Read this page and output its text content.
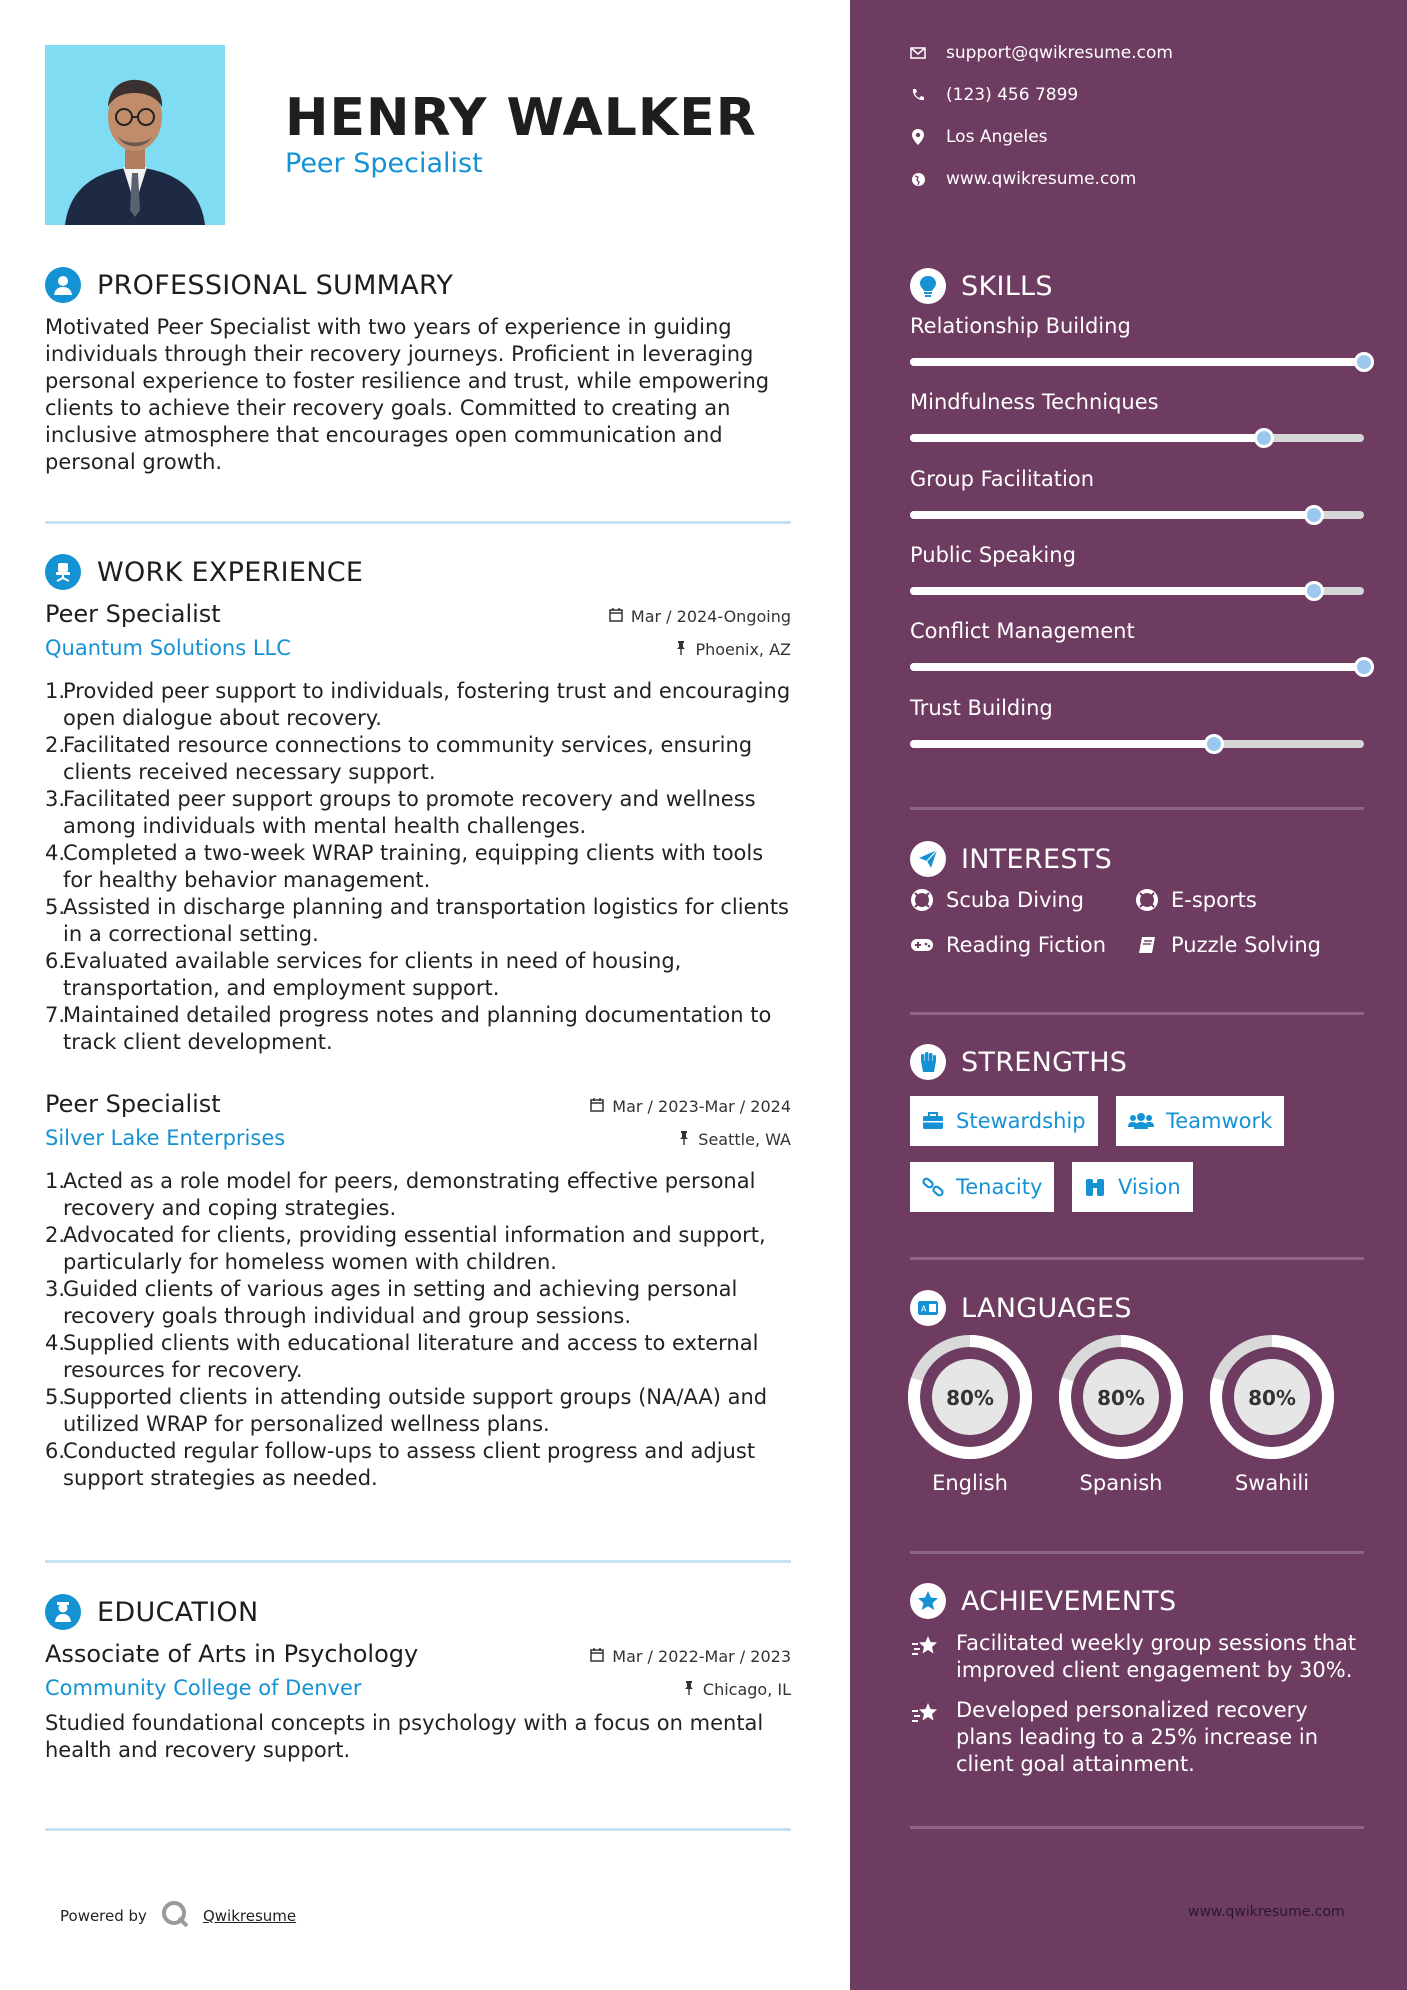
HENRY WALKER
Peer Specialist
PROFESSIONAL SUMMARY
Motivated Peer Specialist with two years of experience in guiding individuals through their recovery journeys. Proficient in leveraging personal experience to foster resilience and trust, while empowering clients to achieve their recovery goals. Committed to creating an inclusive atmosphere that encourages open communication and personal growth.
WORK EXPERIENCE
Peer Specialist	Mar / 2024-Ongoing
Quantum Solutions LLC	Phoenix, AZ
1.
Provided peer support to individuals, fostering trust and encouraging open dialogue about recovery.
2.
Facilitated resource connections to community services, ensuring clients received necessary support.
3.
Facilitated peer support groups to promote recovery and wellness among individuals with mental health challenges.
4.
Completed a two-week WRAP training, equipping clients with tools for healthy behavior management.
5.
Assisted in discharge planning and transportation logistics for clients in a correctional setting.
6.
Evaluated available services for clients in need of housing, transportation, and employment support.
7.
Maintained detailed progress notes and planning documentation to track client development.
Peer Specialist	Mar / 2023-Mar / 2024
Silver Lake Enterprises	Seattle, WA
1.
Acted as a role model for peers, demonstrating effective personal recovery and coping strategies.
2.
Advocated for clients, providing essential information and support, particularly for homeless women with children.
3.
Guided clients of various ages in setting and achieving personal recovery goals through individual and group sessions.
4.
Supplied clients with educational literature and access to external resources for recovery.
5.
Supported clients in attending outside support groups (NA/AA) and utilized WRAP for personalized wellness plans.
6.
Conducted regular follow-ups to assess client progress and adjust support strategies as needed.
EDUCATION
Associate of Arts in Psychology	Mar / 2022-Mar / 2023
Community College of Denver	Chicago, IL
Studied foundational concepts in psychology with a focus on mental health and recovery support.
Powered by	Qwikresume
support@qwikresume.com
(123) 456 7899
Los Angeles
www.qwikresume.com
SKILLS
Relationship Building
Mindfulness Techniques
Group Facilitation
Public Speaking
Conflict Management
Trust Building
INTERESTS
Scuba Diving	E-sports
Reading Fiction	Puzzle Solving
STRENGTHS
Stewardship	Teamwork
Tenacity	Vision
A LANGUAGES
80%
English
80%
Spanish
80%
Swahili
ACHIEVEMENTS
Facilitated weekly group sessions that improved client engagement by 30%.
Developed personalized recovery plans leading to a 25% increase in client goal attainment.
www.qwikresume.com
